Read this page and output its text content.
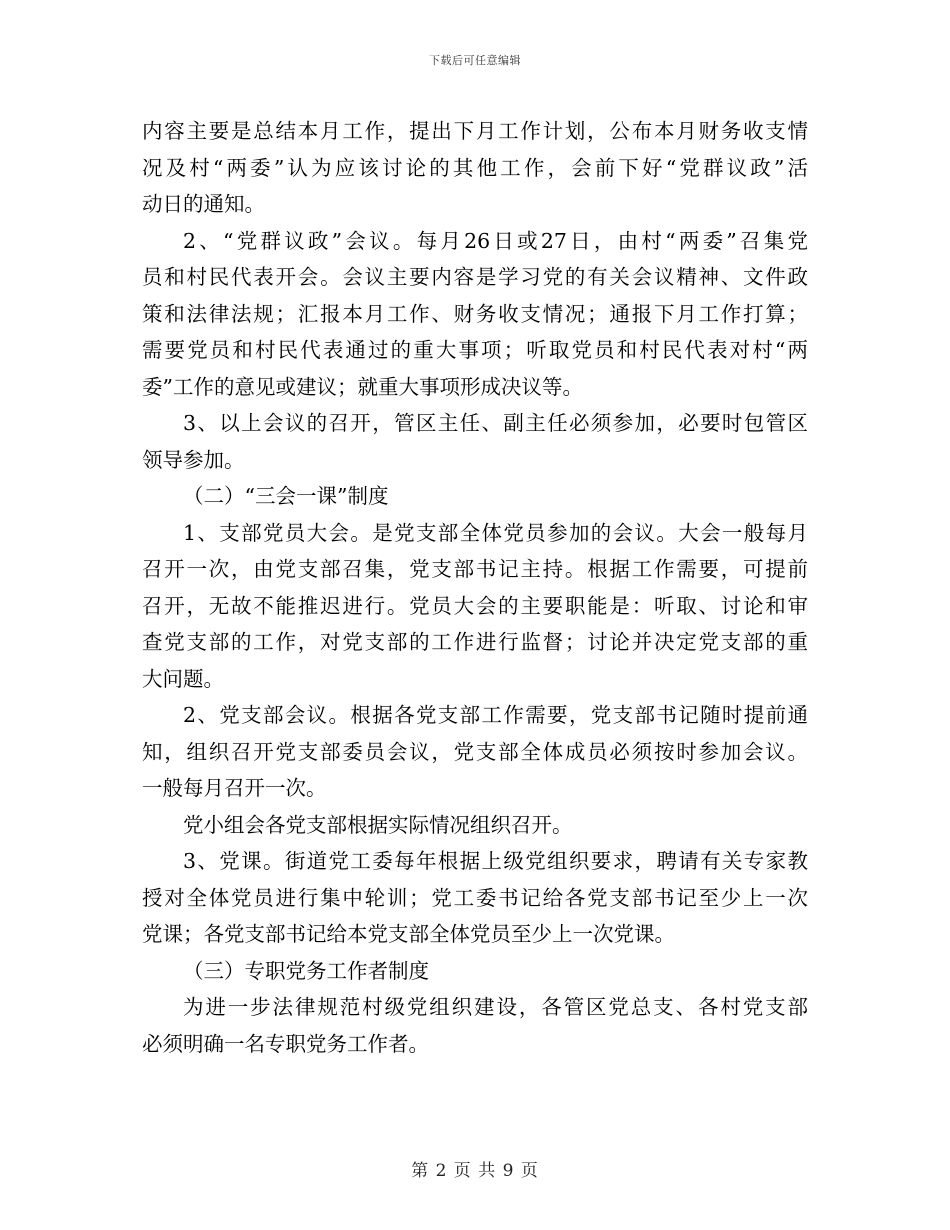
下载后可任意编辑
内容主要是总结本月工作，提出下月工作计划，公布本月财务收支情
况及村“两委”认为应该讨论的其他工作，会前下好“党群议政”活
动日的通知。
2、“党群议政”会议。每月26日或27日，由村“两委”召集党
员和村民代表开会。会议主要内容是学习党的有关会议精神、文件政
策和法律法规；汇报本月工作、财务收支情况；通报下月工作打算；
需要党员和村民代表通过的重大事项；听取党员和村民代表对村“两
委”工作的意见或建议；就重大事项形成决议等。
3、以上会议的召开，管区主任、副主任必须参加，必要时包管区
领导参加。
（二）“三会一课”制度
1、支部党员大会。是党支部全体党员参加的会议。大会一般每月
召开一次，由党支部召集，党支部书记主持。根据工作需要，可提前
召开，无故不能推迟进行。党员大会的主要职能是：听取、讨论和审
查党支部的工作，对党支部的工作进行监督；讨论并决定党支部的重
大问题。
2、党支部会议。根据各党支部工作需要，党支部书记随时提前通
知，组织召开党支部委员会议，党支部全体成员必须按时参加会议。
一般每月召开一次。
党小组会各党支部根据实际情况组织召开。
3、党课。街道党工委每年根据上级党组织要求，聘请有关专家教
授对全体党员进行集中轮训；党工委书记给各党支部书记至少上一次
党课；各党支部书记给本党支部全体党员至少上一次党课。
（三）专职党务工作者制度
为进一步法律规范村级党组织建设，各管区党总支、各村党支部
必须明确一名专职党务工作者。
第 2 页 共 9 页
